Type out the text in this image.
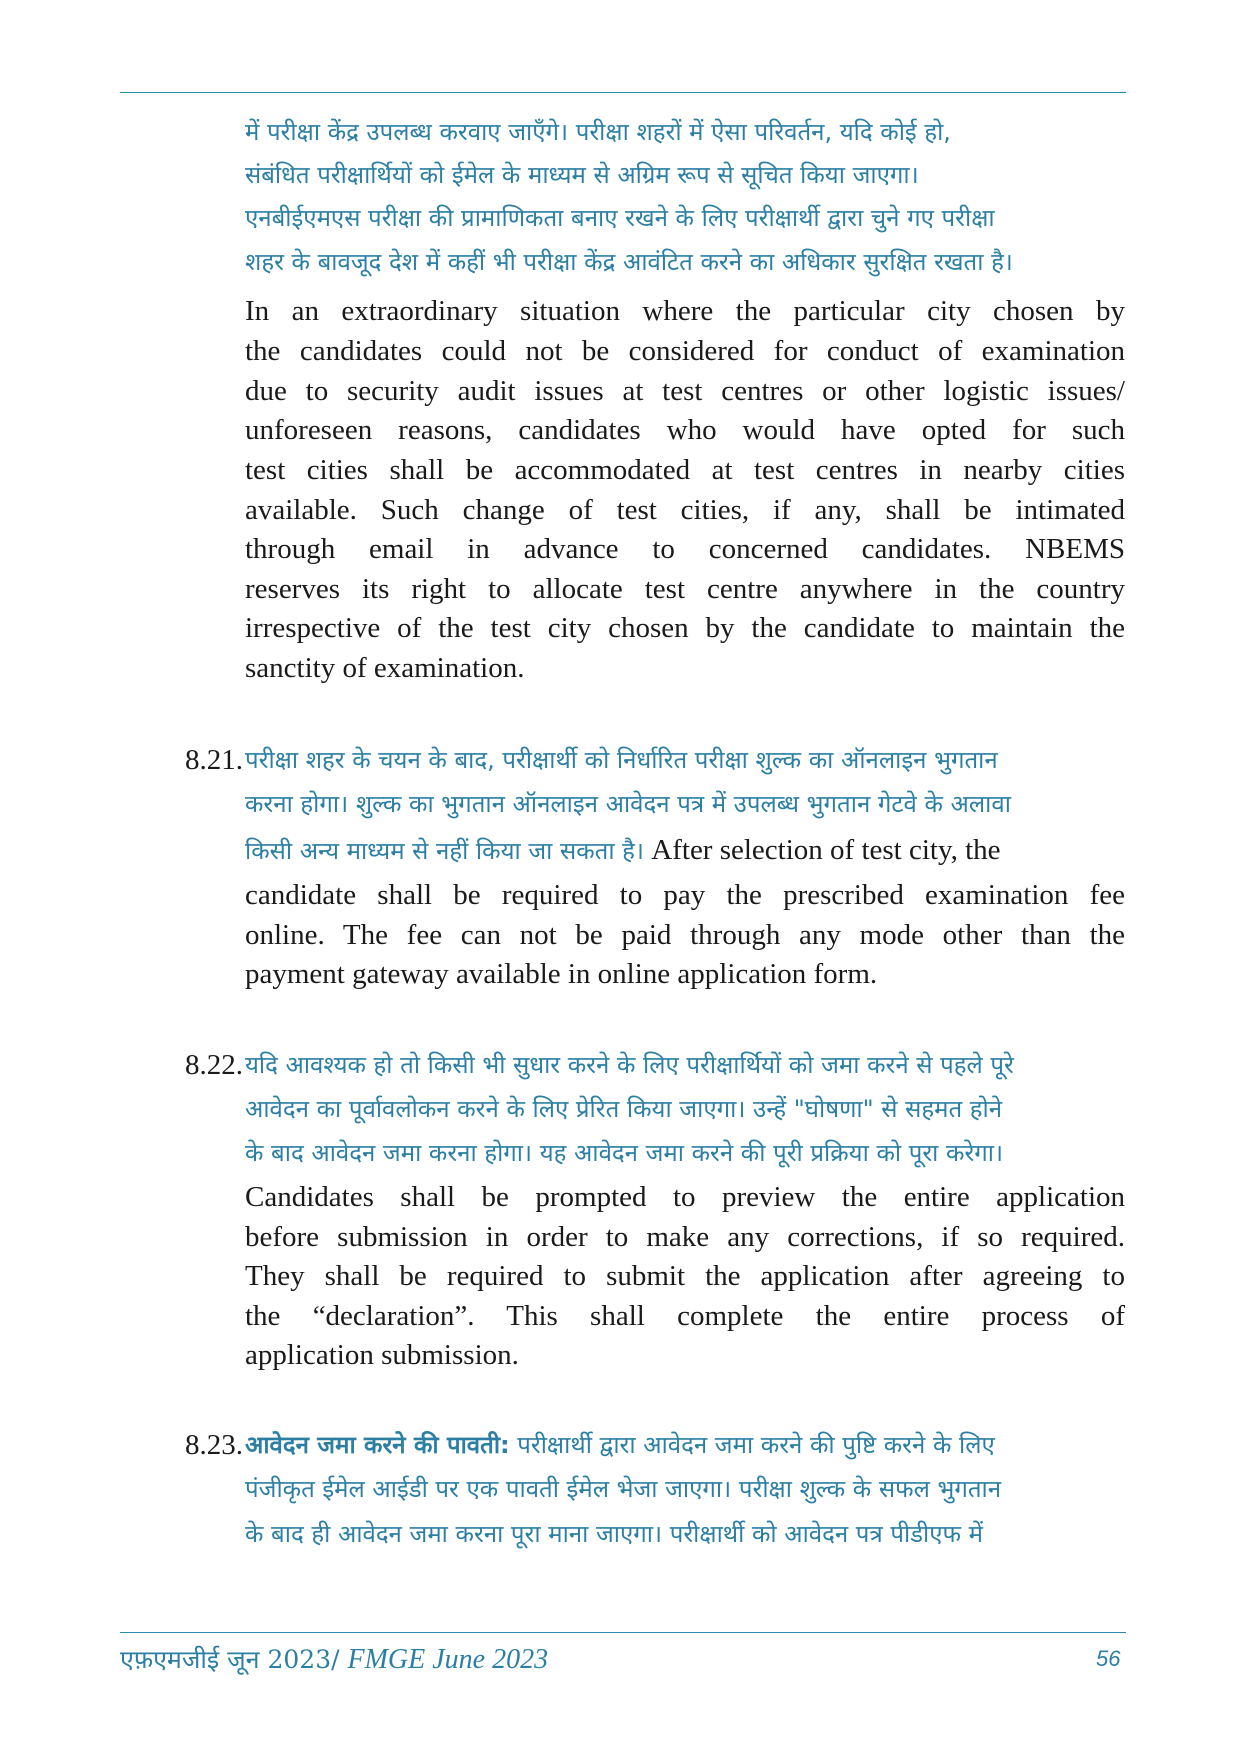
में परीक्षा केंद्र उपलब्ध करवाए जाएँगे। परीक्षा शहरों में ऐसा परिवर्तन, यदि कोई हो,
संबंधित परीक्षार्थियों को ईमेल के माध्यम से अग्रिम रूप से सूचित किया जाएगा।
एनबीईएमएस परीक्षा की प्रामाणिकता बनाए रखने के लिए परीक्षार्थी द्वारा चुने गए परीक्षा
शहर के बावजूद देश में कहीं भी परीक्षा केंद्र आवंटित करने का अधिकार सुरक्षित रखता है।
In an extraordinary situation where the particular city chosen by
the candidates could not be considered for conduct of examination
due to security audit issues at test centres or other logistic issues/
unforeseen reasons, candidates who would have opted for such
test cities shall be accommodated at test centres in nearby cities
available. Such change of test cities, if any, shall be intimated
through email in advance to concerned candidates. NBEMS
reserves its right to allocate test centre anywhere in the country
irrespective of the test city chosen by the candidate to maintain the
sanctity of examination.
8.21. परीक्षा शहर के चयन के बाद, परीक्षार्थी को निर्धारित परीक्षा शुल्क का ऑनलाइन भुगतान
करना होगा। शुल्क का भुगतान ऑनलाइन आवेदन पत्र में उपलब्ध भुगतान गेटवे के अलावा
किसी अन्य माध्यम से नहीं किया जा सकता है। After selection of test city, the
candidate shall be required to pay the prescribed examination fee
online. The fee can not be paid through any mode other than the
payment gateway available in online application form.
8.22. यदि आवश्यक हो तो किसी भी सुधार करने के लिए परीक्षार्थियों को जमा करने से पहले पूरे
आवेदन का पूर्वावलोकन करने के लिए प्रेरित किया जाएगा। उन्हें "घोषणा" से सहमत होने
के बाद आवेदन जमा करना होगा। यह आवेदन जमा करने की पूरी प्रक्रिया को पूरा करेगा।
Candidates shall be prompted to preview the entire application
before submission in order to make any corrections, if so required.
They shall be required to submit the application after agreeing to
the “declaration”. This shall complete the entire process of
application submission.
8.23. आवेदन जमा करने की पावती: परीक्षार्थी द्वारा आवेदन जमा करने की पुष्टि करने के लिए
पंजीकृत ईमेल आईडी पर एक पावती ईमेल भेजा जाएगा। परीक्षा शुल्क के सफल भुगतान
के बाद ही आवेदन जमा करना पूरा माना जाएगा। परीक्षार्थी को आवेदन पत्र पीडीएफ में
एफ़एमजीई जून 2023/ FMGE June 2023	56
